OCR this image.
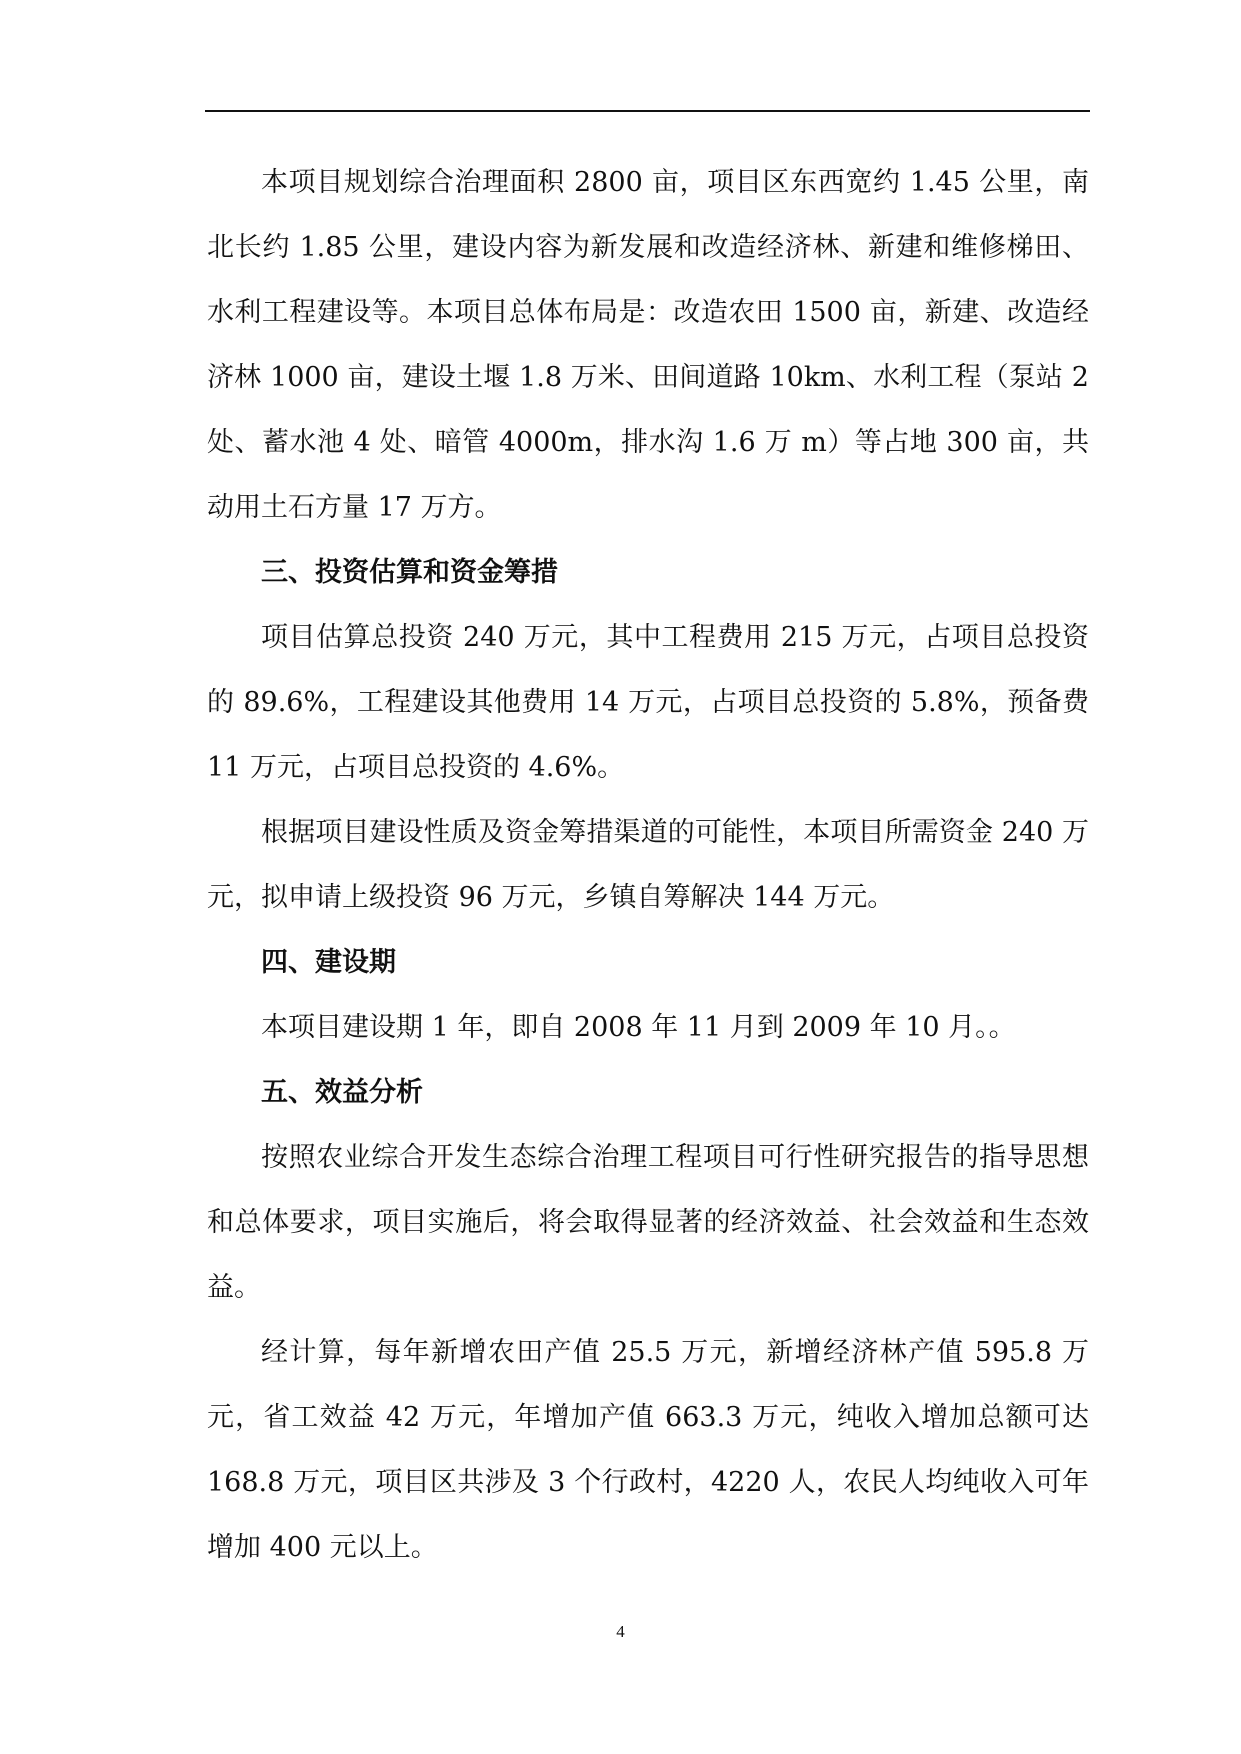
本项目规划综合治理面积 2800 亩，项目区东西宽约 1.45 公里，南北长约 1.85 公里，建设内容为新发展和改造经济林、新建和维修梯田、水利工程建设等。本项目总体布局是：改造农田 1500 亩，新建、改造经济林 1000 亩，建设土堰 1.8 万米、田间道路 10km、水利工程（泵站 2 处、蓄水池 4 处、暗管 4000m，排水沟 1.6 万 m）等占地 300 亩，共动用土石方量 17 万方。

三、投资估算和资金筹措

项目估算总投资 240 万元，其中工程费用 215 万元，占项目总投资的 89.6%，工程建设其他费用 14 万元，占项目总投资的 5.8%，预备费 11 万元，占项目总投资的 4.6%。

根据项目建设性质及资金筹措渠道的可能性，本项目所需资金 240 万元，拟申请上级投资 96 万元，乡镇自筹解决 144 万元。

四、建设期

本项目建设期 1 年，即自 2008 年 11 月到 2009 年 10 月。。

五、效益分析

按照农业综合开发生态综合治理工程项目可行性研究报告的指导思想和总体要求，项目实施后，将会取得显著的经济效益、社会效益和生态效益。

经计算，每年新增农田产值 25.5 万元，新增经济林产值 595.8 万元，省工效益 42 万元，年增加产值 663.3 万元，纯收入增加总额可达 168.8 万元，项目区共涉及 3 个行政村，4220 人，农民人均纯收入可年增加 400 元以上。

4
